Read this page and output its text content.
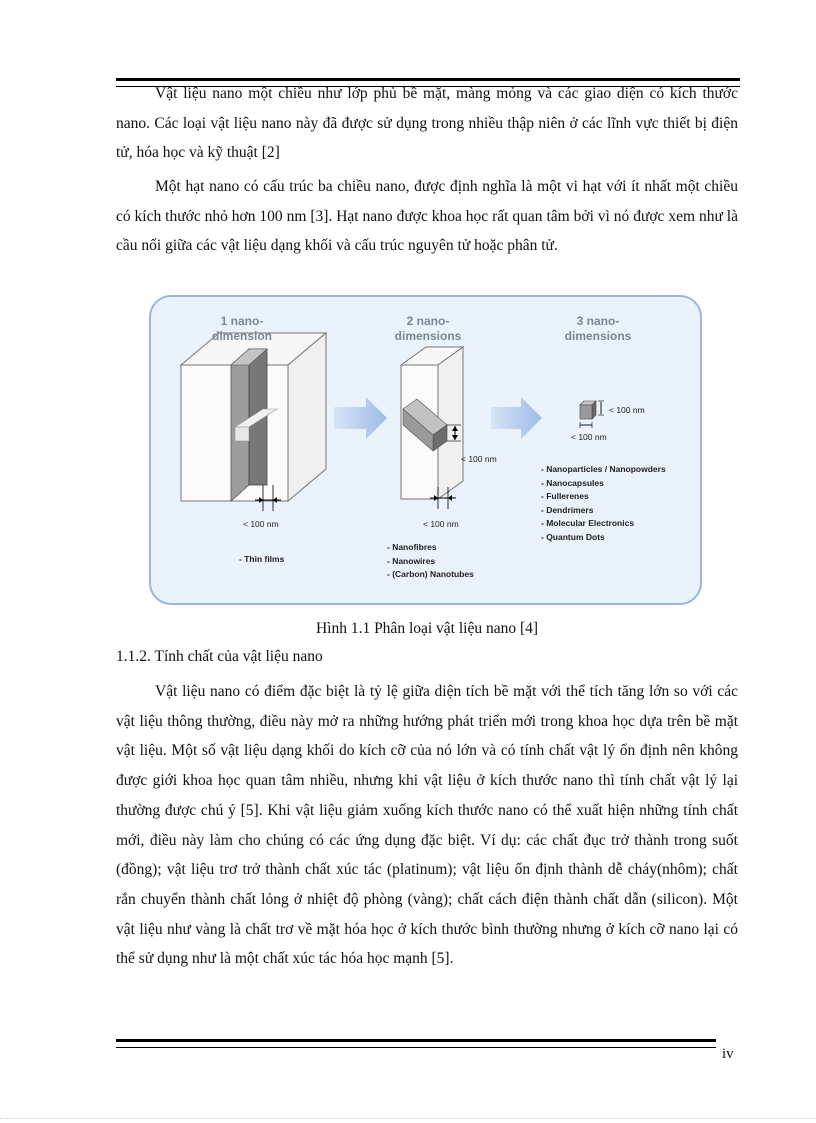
Vật liệu nano một chiều như lớp phủ bề mặt, màng mỏng và các giao diện có kích thước nano. Các loại vật liệu nano này đã được sử dụng trong nhiều thập niên ở các lĩnh vực thiết bị điện tử, hóa học và kỹ thuật [2]

Một hạt nano có cấu trúc ba chiều nano, được định nghĩa là một vi hạt với ít nhất một chiều có kích thước nhỏ hơn 100 nm [3]. Hạt nano được khoa học rất quan tâm bởi vì nó được xem như là cầu nối giữa các vật liệu dạng khối và cấu trúc nguyên tử hoặc phân tử.

1 nano-
dimension
2 nano-
dimensions
3 nano-
dimensions
< 100 nm
< 100 nm
< 100 nm
< 100 nm
< 100 nm
- Thin films
- Nanofibres
- Nanowires
- (Carbon) Nanotubes
- Nanoparticles / Nanopowders
- Nanocapsules
- Fullerenes
- Dendrimers
- Molecular Electronics
- Quantum Dots
Hình 1.1 Phân loại vật liệu nano [4]
1.1.2. Tính chất của vật liệu nano

Vật liệu nano có điểm đặc biệt là tỷ lệ giữa diện tích bề mặt với thể tích tăng lớn so với các vật liệu thông thường, điều này mở ra những hướng phát triển mới trong khoa học dựa trên bề mặt vật liệu. Một số vật liệu dạng khối do kích cỡ của nó lớn và có tính chất vật lý ổn định nên không được giới khoa học quan tâm nhiều, nhưng khi vật liệu ở kích thước nano thì tính chất vật lý lại thường được chú ý [5]. Khi vật liệu giảm xuống kích thước nano có thể xuất hiện những tính chất mới, điều này làm cho chúng có các ứng dụng đặc biệt. Ví dụ: các chất đục trở thành trong suốt (đồng); vật liệu trơ trở thành chất xúc tác (platinum); vật liệu ổn định thành dễ cháy(nhôm); chất rắn chuyển thành chất lỏng ở nhiệt độ phòng (vàng); chất cách điện thành chất dẫn (silicon). Một vật liệu như vàng là chất trơ về mặt hóa học ở kích thước bình thường nhưng ở kích cỡ nano lại có thể sử dụng như là một chất xúc tác hóa học mạnh [5].

iv
